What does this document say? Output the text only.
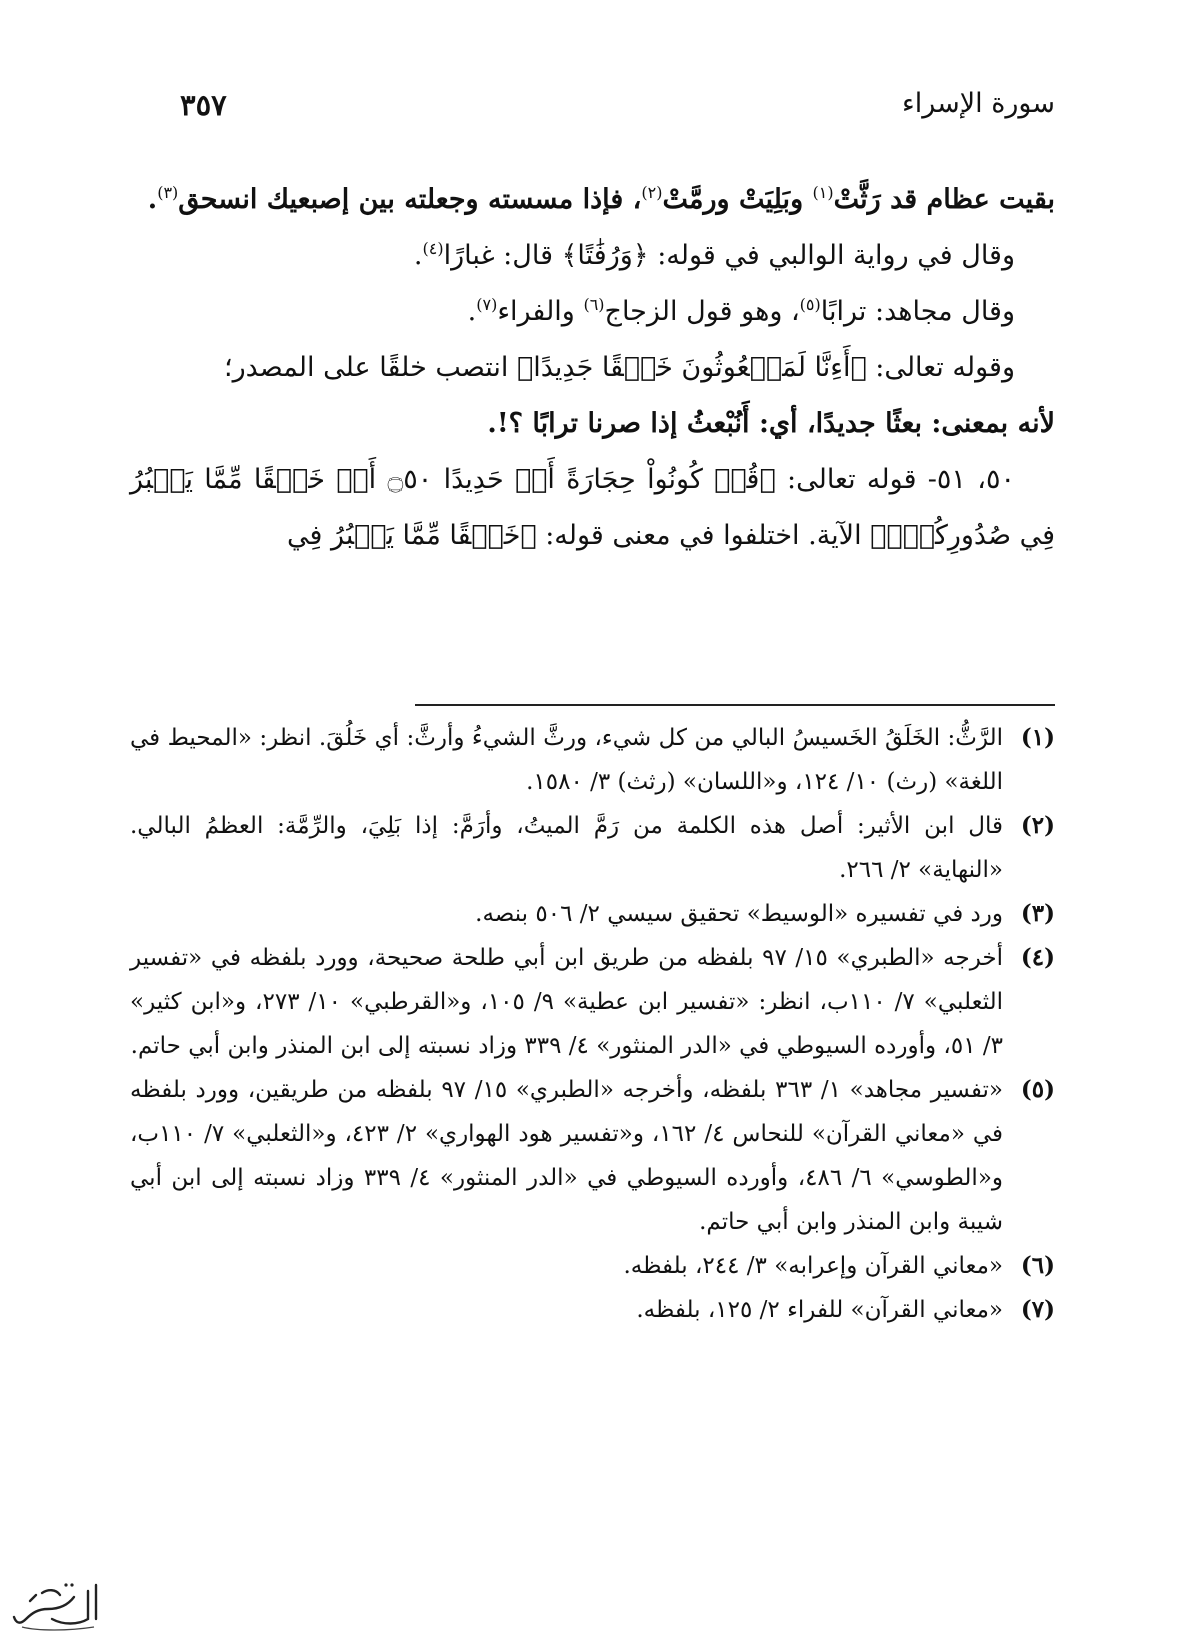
سورة الإسراء
٣٥٧

بقيت عظام قد رَثَّتْ$^{(١)}$ وبَلِيَتْ ورمَّتْ$^{(٢)}$، فإذا مسسته وجعلته بين إصبعيك انسحق$^{(٣)}$.

وقال في رواية الوالبي في قوله: ﴿وَرُفَٰتًا﴾ قال: غبارًا$^{(٤)}$.

وقال مجاهد: ترابًا$^{(٥)}$، وهو قول الزجاج$^{(٦)}$ والفراء$^{(٧)}$.

وقوله تعالى: ﴿أَءِنَّا لَمَبۡعُوثُونَ خَلۡقًا جَدِيدًا﴾ انتصب خلقًا على المصدر؛

لأنه بمعنى: بعثًا جديدًا، أي: أَنُبْعثُ إذا صرنا ترابًا ؟!.

٥٠، ٥١- قوله تعالى: ﴿قُلۡ كُونُواْ حِجَارَةً أَوۡ حَدِيدًا ۝٥٠ أَوۡ خَلۡقًا مِّمَّا يَكۡبُرُ فِي صُدُورِكُمۡۚ﴾ الآية. اختلفوا في معنى قوله: ﴿خَلۡقًا مِّمَّا يَكۡبُرُ فِي

(١)
الرَّثُّ: الخَلَقُ الخَسيسُ البالي من كل شيء، ورثَّ الشيءُ وأرثَّ: أي خَلُقَ. انظر: «المحيط في اللغة» (رث) ١٠/ ١٢٤، و«اللسان» (رثث) ٣/ ١٥٨٠.

(٢)
قال ابن الأثير: أصل هذه الكلمة من رَمَّ الميتُ، وأرَمَّ: إذا بَلِيَ، والرِّمَّة: العظمُ البالي. «النهاية» ٢/ ٢٦٦.

(٣)
ورد في تفسيره «الوسيط» تحقيق سيسي ٢/ ٥٠٦ بنصه.

(٤)
أخرجه «الطبري» ١٥/ ٩٧ بلفظه من طريق ابن أبي طلحة صحيحة، وورد بلفظه في «تفسير الثعلبي» ٧/ ١١٠ب، انظر: «تفسير ابن عطية» ٩/ ١٠٥، و«القرطبي» ١٠/ ٢٧٣، و«ابن كثير» ٣/ ٥١، وأورده السيوطي في «الدر المنثور» ٤/ ٣٣٩ وزاد نسبته إلى ابن المنذر وابن أبي حاتم.

(٥)
«تفسير مجاهد» ١/ ٣٦٣ بلفظه، وأخرجه «الطبري» ١٥/ ٩٧ بلفظه من طريقين، وورد بلفظه في «معاني القرآن» للنحاس ٤/ ١٦٢، و«تفسير هود الهواري» ٢/ ٤٢٣، و«الثعلبي» ٧/ ١١٠ب، و«الطوسي» ٦/ ٤٨٦، وأورده السيوطي في «الدر المنثور» ٤/ ٣٣٩ وزاد نسبته إلى ابن أبي شيبة وابن المنذر وابن أبي حاتم.

(٦)
«معاني القرآن وإعرابه» ٣/ ٢٤٤، بلفظه.

(٧)
«معاني القرآن» للفراء ٢/ ١٢٥، بلفظه.
